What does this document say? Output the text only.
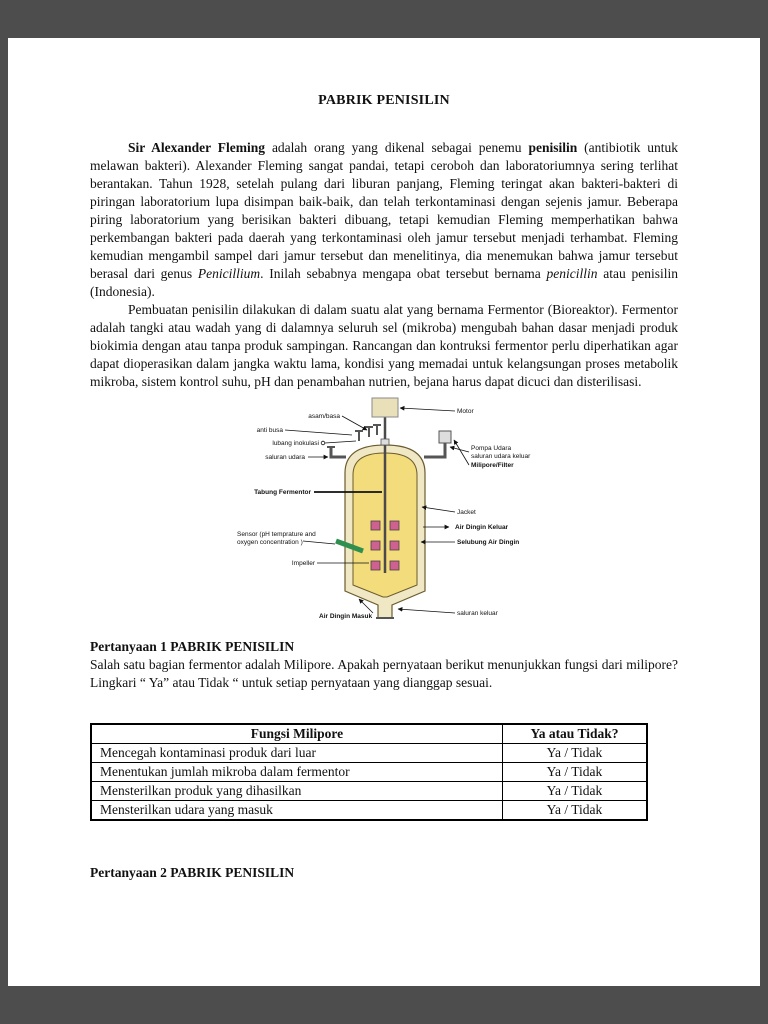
PABRIK PENISILIN

Sir Alexander Fleming adalah orang yang dikenal sebagai penemu penisilin (antibiotik untuk melawan bakteri). Alexander Fleming sangat pandai, tetapi ceroboh dan laboratoriumnya sering terlihat berantakan. Tahun 1928, setelah pulang dari liburan panjang, Fleming teringat akan bakteri-bakteri di piringan laboratorium lupa disimpan baik-baik, dan telah terkontaminasi dengan sejenis jamur. Beberapa piring laboratorium yang berisikan bakteri dibuang, tetapi kemudian Fleming memperhatikan bahwa perkembangan bakteri pada daerah yang terkontaminasi oleh jamur tersebut menjadi terhambat. Fleming kemudian mengambil sampel dari jamur tersebut dan menelitinya, dia menemukan bahwa jamur tersebut berasal dari genus Penicillium. Inilah sebabnya mengapa obat tersebut bernama penicillin atau penisilin (Indonesia).

Pembuatan penisilin dilakukan di dalam suatu alat yang bernama Fermentor (Bioreaktor). Fermentor adalah tangki atau wadah yang di dalamnya seluruh sel (mikroba) mengubah bahan dasar menjadi produk biokimia dengan atau tanpa produk sampingan. Rancangan dan kontruksi fermentor perlu diperhatikan agar dapat dioperasikan dalam jangka waktu lama, kondisi yang memadai untuk kelangsungan proses metabolik mikroba, sistem kontrol suhu, pH dan penambahan nutrien, bejana harus dapat dicuci dan disterilisasi.

asam/basa
Motor
anti busa
lubang inokulasi
saluran udara
Pompa Udara
saluran udara keluar
Milipore/Filter
Tabung Fermentor
Jacket
Air Dingin Keluar
Selubung Air Dingin
Sensor (pH temprature and
oxygen concentration )
Impeller
Air Dingin Masuk	saluran keluar

Pertanyaan 1 PABRIK PENISILIN

Salah satu bagian fermentor adalah Milipore. Apakah pernyataan berikut menunjukkan fungsi dari milipore? Lingkari “ Ya” atau Tidak “ untuk setiap pernyataan yang dianggap sesuai.

Fungsi Milipore	Ya atau Tidak?
Mencegah kontaminasi produk dari luar	Ya / Tidak
Menentukan jumlah mikroba dalam fermentor	Ya / Tidak
Mensterilkan produk yang dihasilkan	Ya / Tidak
Mensterilkan udara yang masuk	Ya / Tidak

Pertanyaan 2 PABRIK PENISILIN
